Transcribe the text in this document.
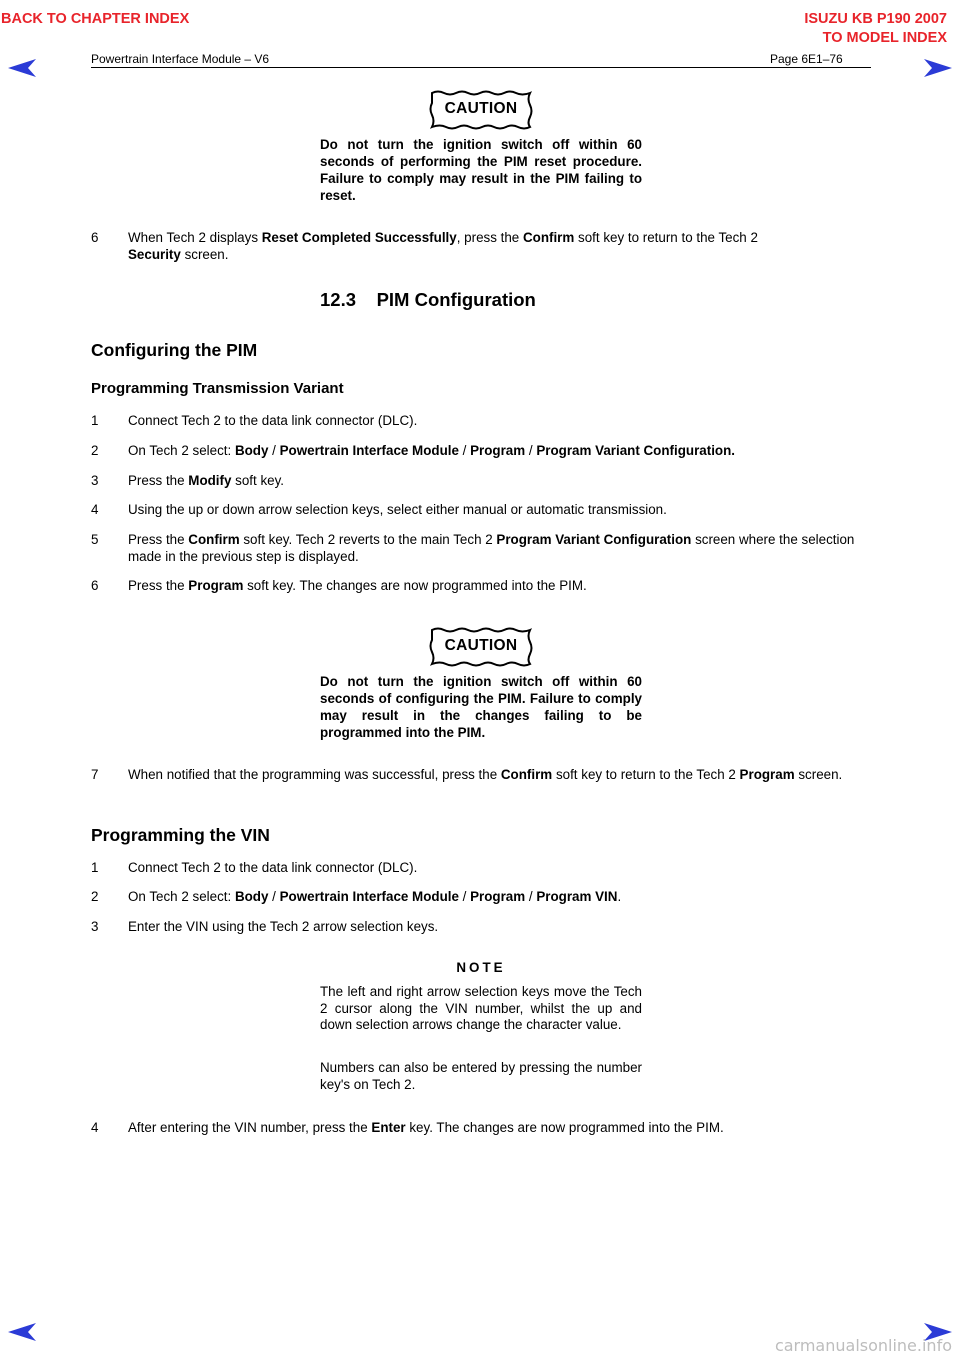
BACK TO CHAPTER INDEX	ISUZU KB P190 2007
TO MODEL INDEX
Powertrain Interface Module – V6	Page 6E1–76
CAUTION
Do not turn the ignition switch off within 60 seconds of performing the PIM reset procedure. Failure to comply may result in the PIM failing to reset.
6	When Tech 2 displays Reset Completed Successfully, press the Confirm soft key to return to the Tech 2
Security screen.
12.3    PIM Configuration
Configuring the PIM
Programming Transmission Variant
1	Connect Tech 2 to the data link connector (DLC).
2	On Tech 2 select: Body / Powertrain Interface Module / Program / Program Variant Configuration.
3	Press the Modify soft key.
4	Using the up or down arrow selection keys, select either manual or automatic transmission.
5	Press the Confirm soft key. Tech 2 reverts to the main Tech 2 Program Variant Configuration screen where the selection made in the previous step is displayed.
6	Press the Program soft key. The changes are now programmed into the PIM.
CAUTION
Do not turn the ignition switch off within 60 seconds of configuring the PIM. Failure to comply may result in the changes failing to be programmed into the PIM.
7	When notified that the programming was successful, press the Confirm soft key to return to the Tech 2 Program screen.
Programming the VIN
1	Connect Tech 2 to the data link connector (DLC).
2	On Tech 2 select: Body / Powertrain Interface Module / Program / Program VIN.
3	Enter the VIN using the Tech 2 arrow selection keys.
NOTE
The left and right arrow selection keys move the Tech 2 cursor along the VIN number, whilst the up and down selection arrows change the character value.
Numbers can also be entered by pressing the number key's on Tech 2.
4	After entering the VIN number, press the Enter key. The changes are now programmed into the PIM.
carmanualsonline.info
